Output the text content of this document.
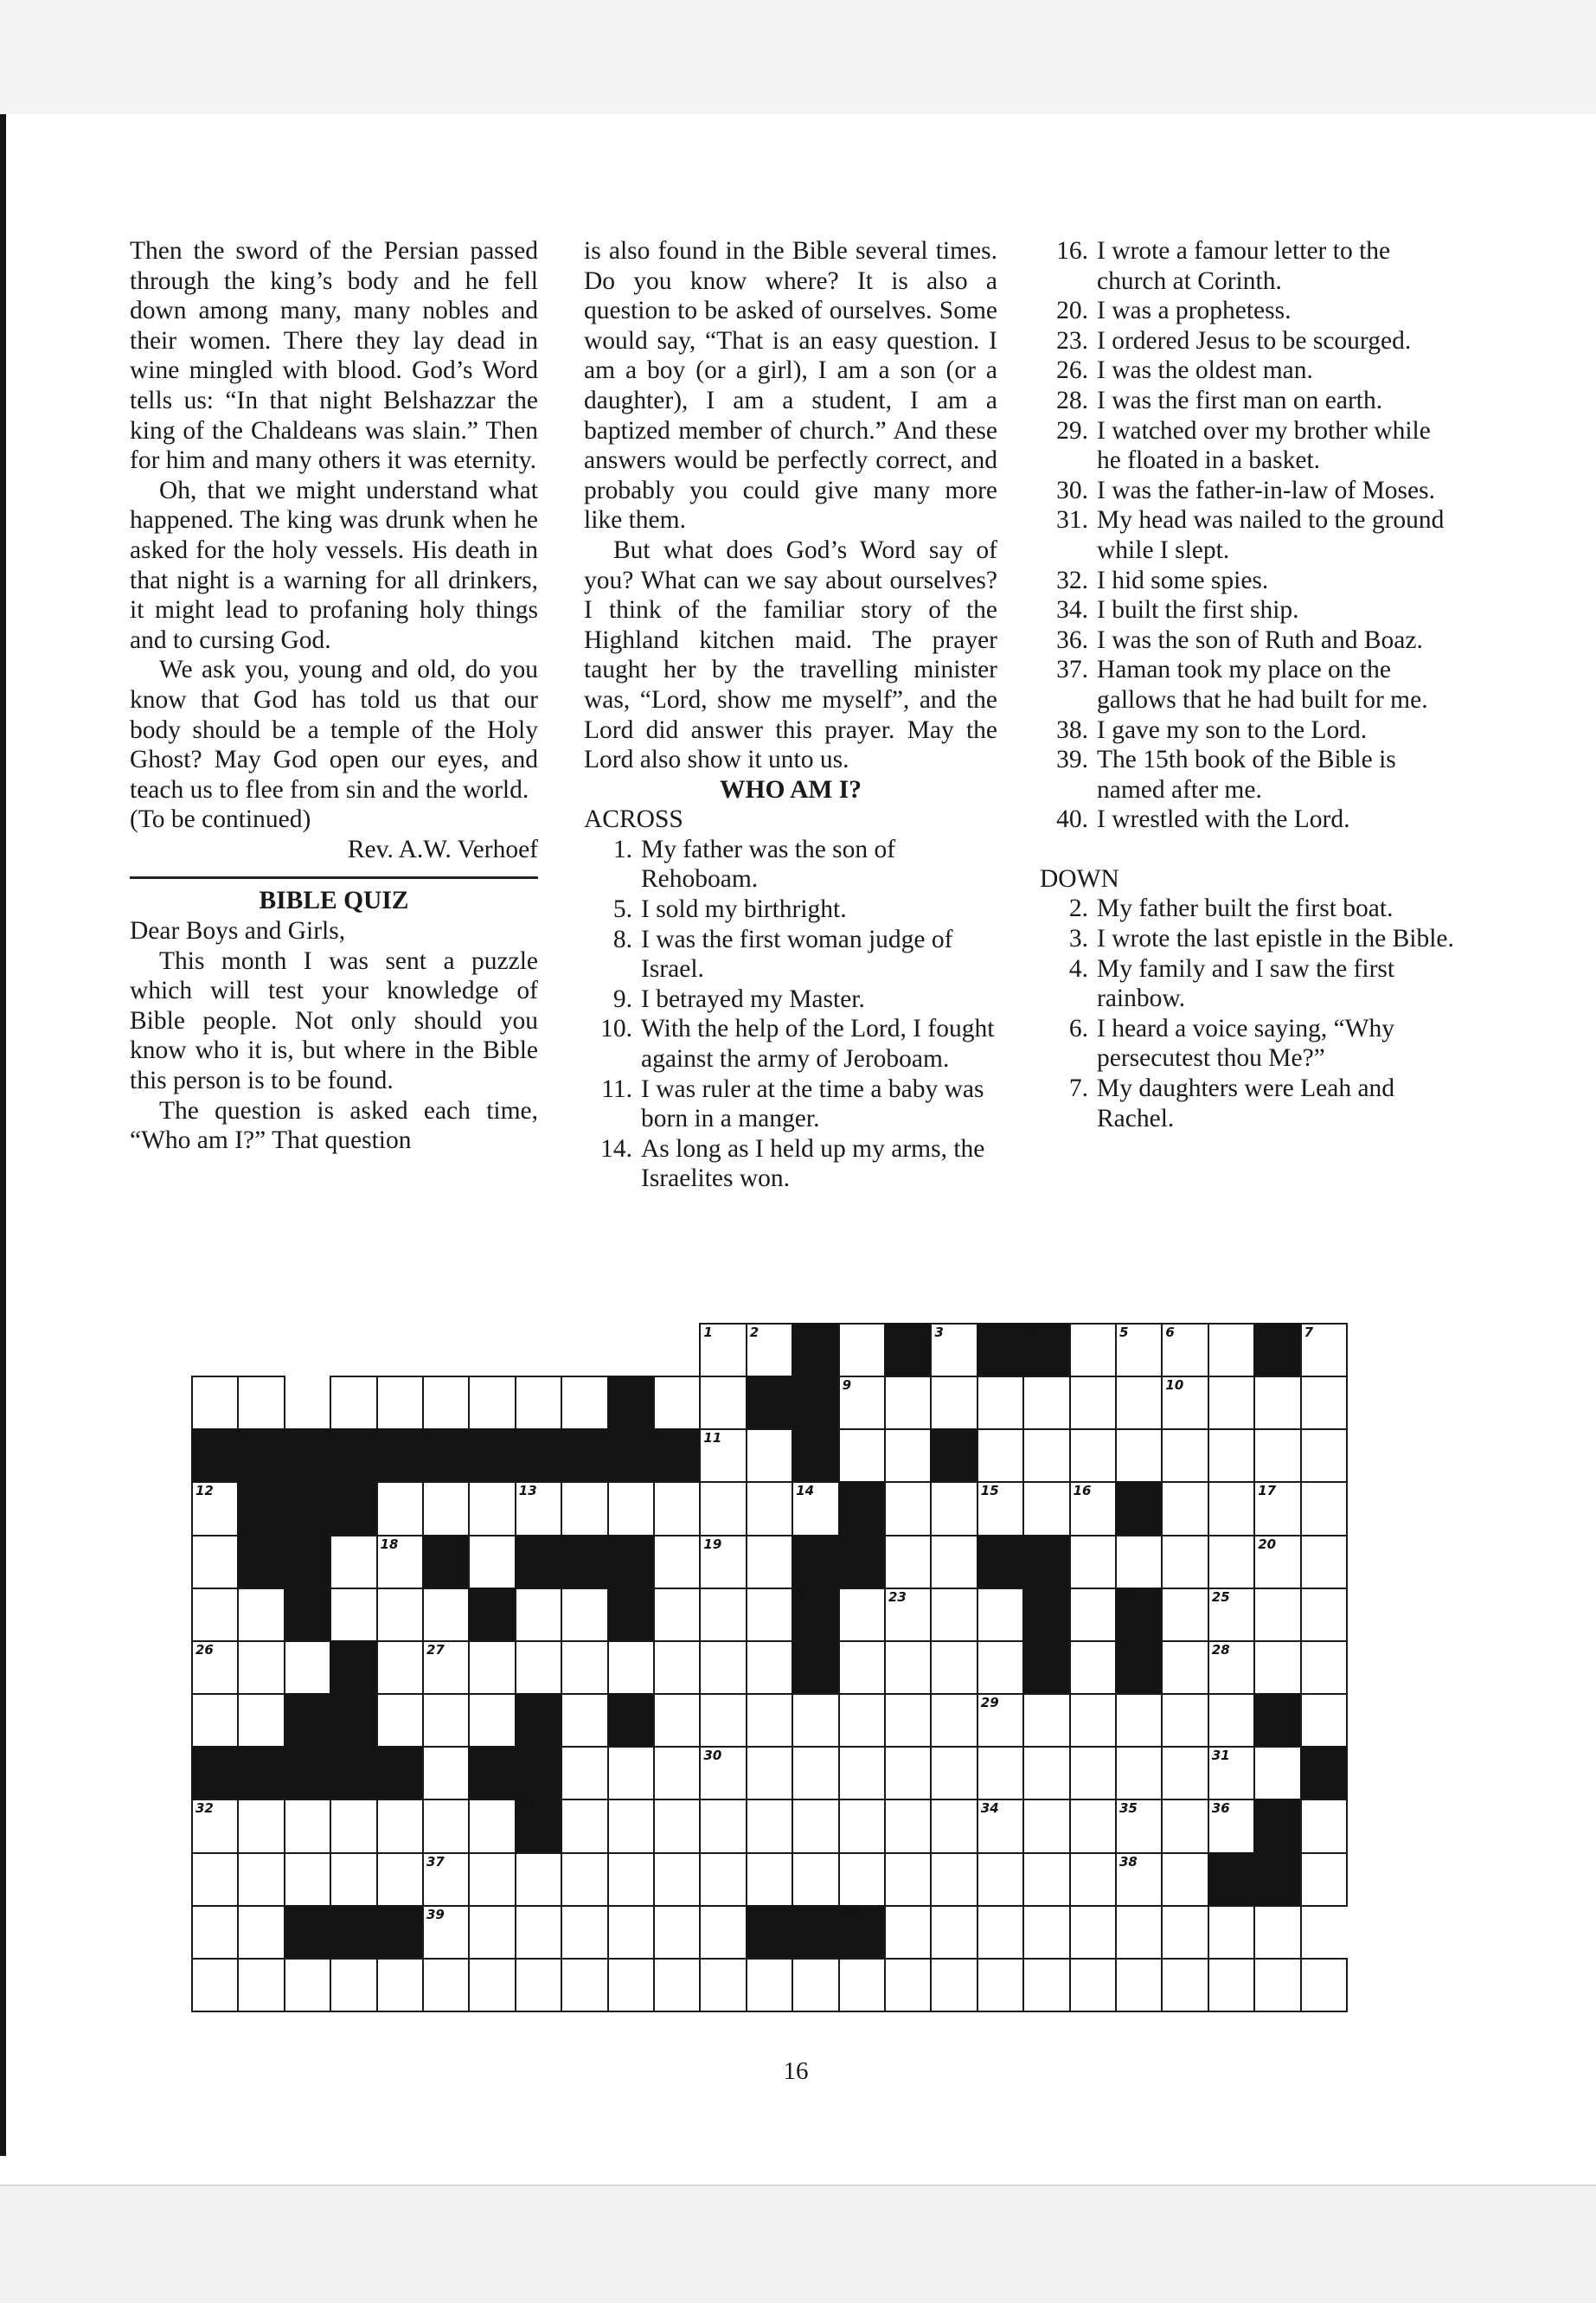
Then the sword of the Persian passed through the king’s body and he fell down among many, many nobles and their women. There they lay dead in wine mingled with blood. God’s Word tells us: “In that night Belshazzar the king of the Chaldeans was slain.” Then for him and many others it was eternity.

Oh, that we might understand what happened. The king was drunk when he asked for the holy vessels. His death in that night is a warning for all drinkers, it might lead to profaning holy things and to cursing God.

We ask you, young and old, do you know that God has told us that our body should be a temple of the Holy Ghost? May God open our eyes, and teach us to flee from sin and the world.

(To be continued)

Rev. A.W. Verhoef

BIBLE QUIZ

Dear Boys and Girls,

This month I was sent a puzzle which will test your knowledge of Bible people. Not only should you know who it is, but where in the Bible this person is to be found.

The question is asked each time, “Who am I?” That question

is also found in the Bible several times. Do you know where? It is also a question to be asked of ourselves. Some would say, “That is an easy question. I am a boy (or a girl), I am a son (or a daughter), I am a student, I am a baptized member of church.” And these answers would be perfectly correct, and probably you could give many more like them.

But what does God’s Word say of you? What can we say about ourselves? I think of the familiar story of the Highland kitchen maid. The prayer taught her by the travelling minister was, “Lord, show me myself”, and the Lord did answer this prayer. May the Lord also show it unto us.

WHO AM I?
ACROSS
1. My father was the son of Rehoboam.
5. I sold my birthright.
8. I was the first woman judge of Israel.
9. I betrayed my Master.
10. With the help of the Lord, I fought against the army of Jeroboam.
11. I was ruler at the time a baby was born in a manger.
14. As long as I held up my arms, the Israelites won.
16. I wrote a famour letter to the church at Corinth.
20. I was a prophetess.
23. I ordered Jesus to be scourged.
26. I was the oldest man.
28. I was the first man on earth.
29. I watched over my brother while he floated in a basket.
30. I was the father-in-law of Moses.
31. My head was nailed to the ground while I slept.
32. I hid some spies.
34. I built the first ship.
36. I was the son of Ruth and Boaz.
37. Haman took my place on the gallows that he had built for me.
38. I gave my son to the Lord.
39. The 15th book of the Bible is named after me.
40. I wrestled with the Lord.
DOWN
2. My father built the first boat.
3. I wrote the last epistle in the Bible.
4. My family and I saw the first rainbow.
6. I heard a voice saying, “Why persecutest thou Me?”
7. My daughters were Leah and Rachel.
1	2	3	4	5	6	7
9	10
11
12	13	14	15	16	17
18	19	20
22	23	24	25
26	27	28
29
30	31
32	33	34	35	36
37	38
39	40
16
